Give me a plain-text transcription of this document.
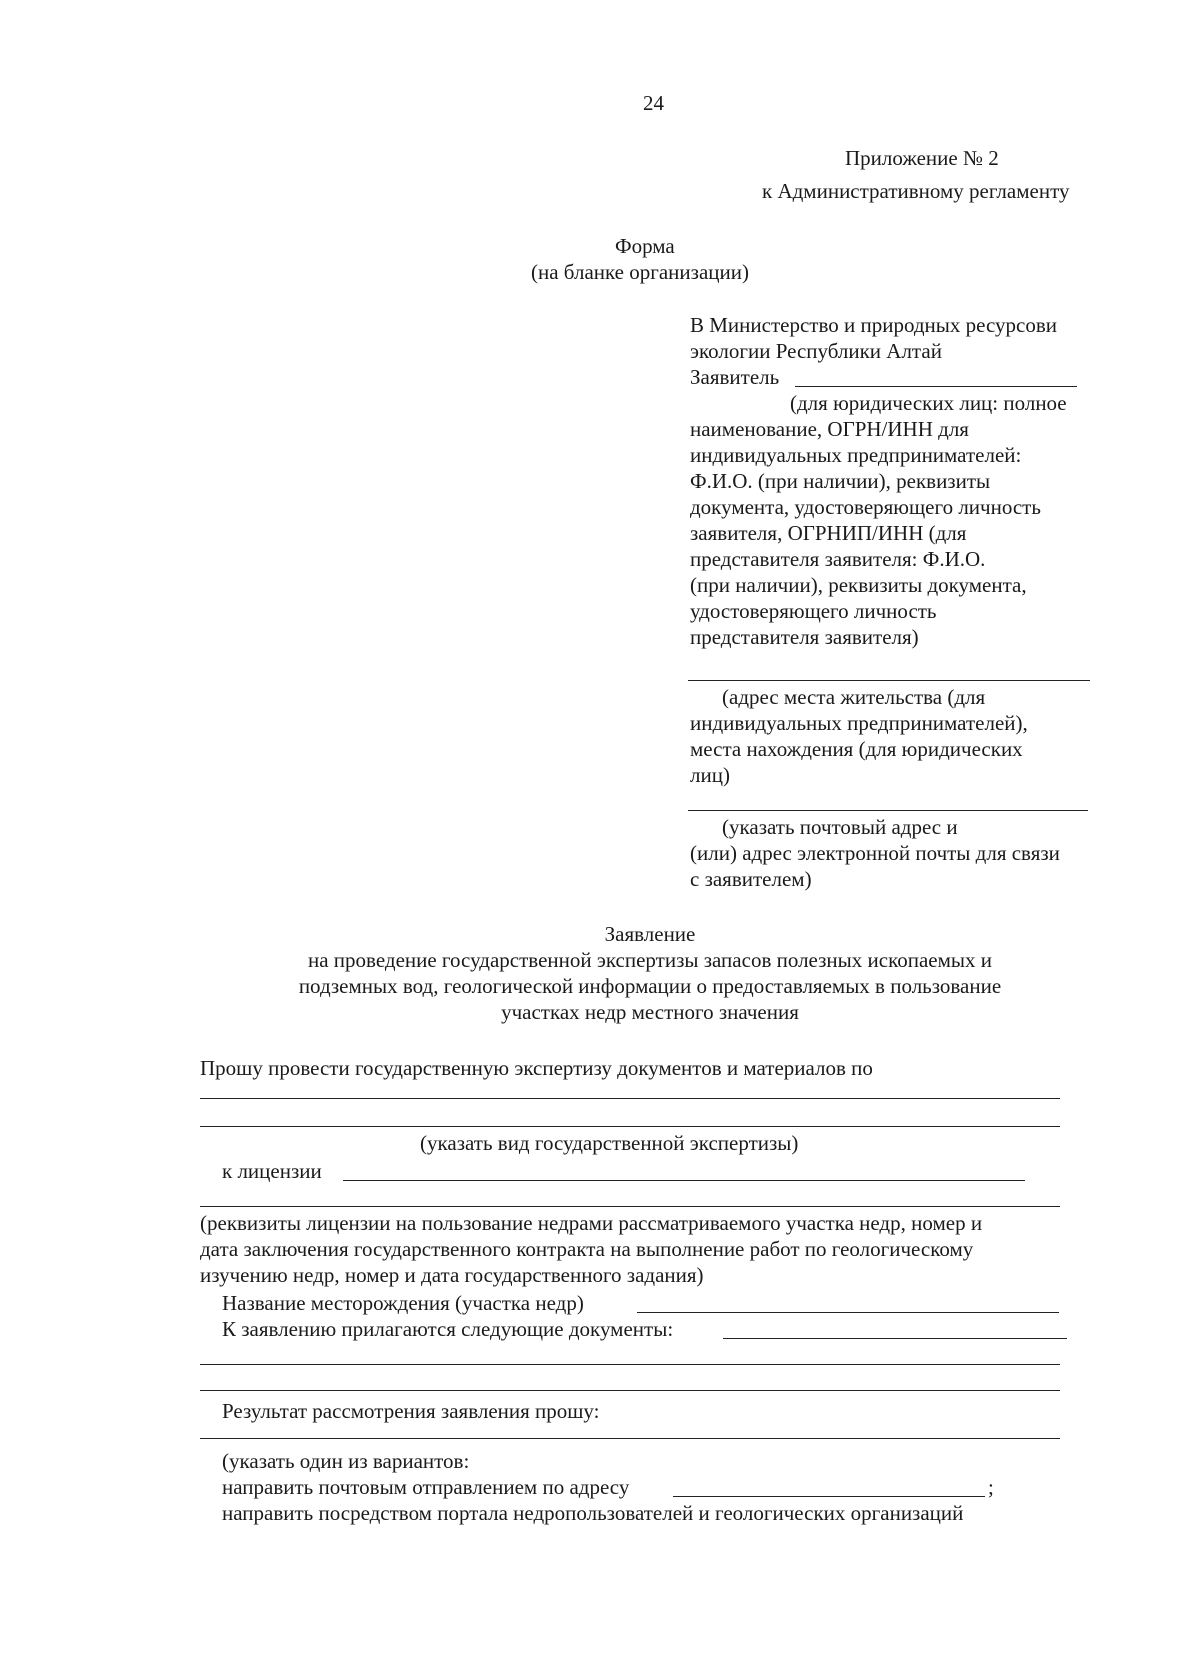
24
Приложение № 2
к Административному регламенту
Форма
(на бланке организации)
В Министерство и природных ресурсови
экологии Республики Алтай
Заявитель
(для юридических лиц: полное
наименование, ОГРН/ИНН для
индивидуальных предпринимателей:
Ф.И.О. (при наличии), реквизиты
документа, удостоверяющего личность
заявителя, ОГРНИП/ИНН (для
представителя заявителя: Ф.И.О.
(при наличии), реквизиты документа,
удостоверяющего личность
представителя заявителя)
(адрес места жительства (для
индивидуальных предпринимателей),
места нахождения (для юридических
лиц)
(указать почтовый адрес и
(или) адрес электронной почты для связи
с заявителем)
Заявление
на проведение государственной экспертизы запасов полезных ископаемых и
подземных вод, геологической информации о предоставляемых в пользование
участках недр местного значения
Прошу провести государственную экспертизу документов и материалов по
(указать вид государственной экспертизы)
к лицензии
(реквизиты лицензии на пользование недрами рассматриваемого участка недр, номер и
дата заключения государственного контракта на выполнение работ по геологическому
изучению недр, номер и дата государственного задания)
Название месторождения (участка недр)
К заявлению прилагаются следующие документы:
Результат рассмотрения заявления прошу:
(указать один из вариантов:
направить почтовым отправлением по адресу	;
направить посредством портала недропользователей и геологических организаций
